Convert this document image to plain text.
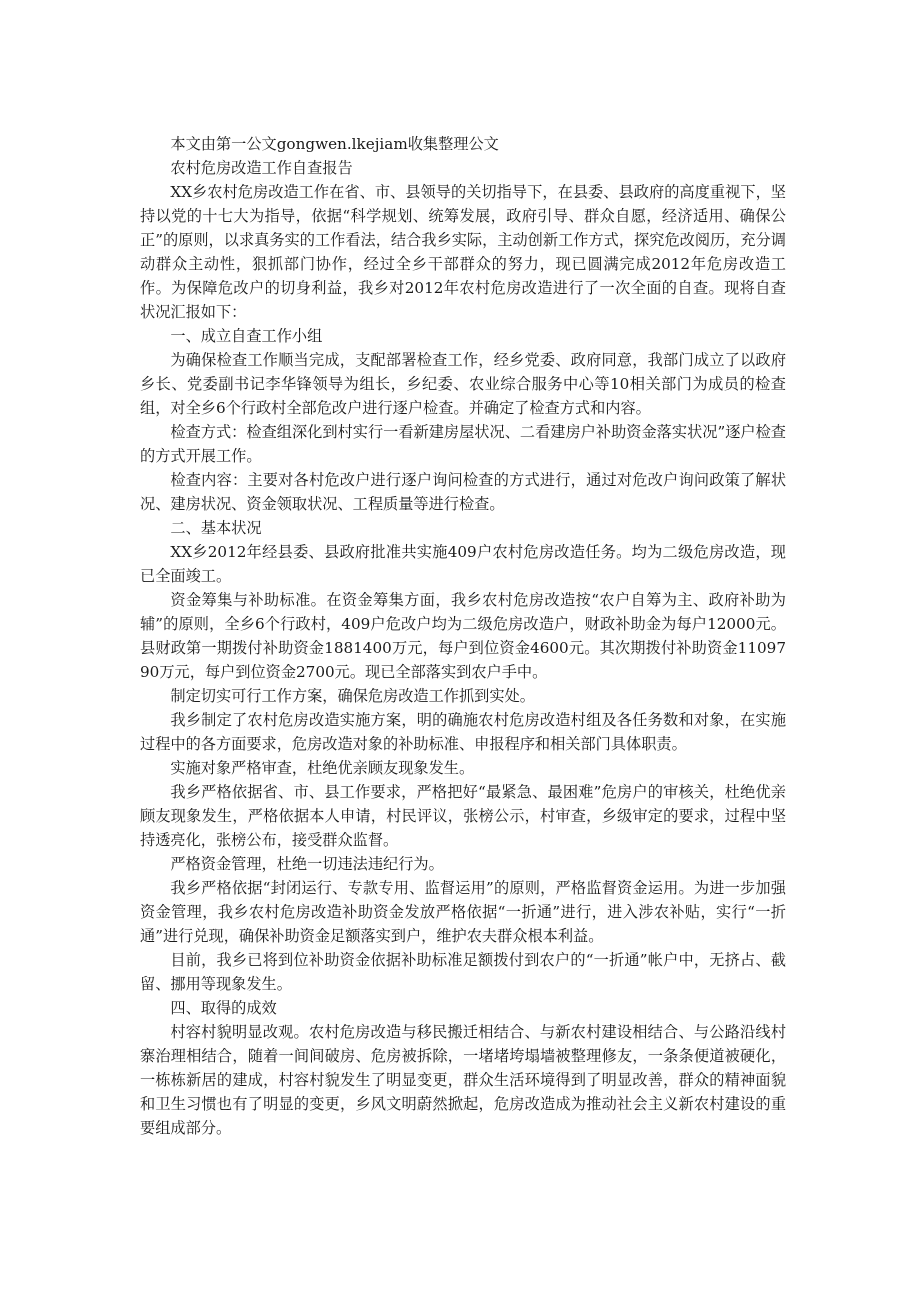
本文由第一公文gongwen.lkejiam收集整理公文

农村危房改造工作自查报告

XX乡农村危房改造工作在省、市、县领导的关切指导下，在县委、县政府的高度重视下，坚持以党的十七大为指导，依据“科学规划、统筹发展，政府引导、群众自愿，经济适用、确保公正”的原则，以求真务实的工作看法，结合我乡实际，主动创新工作方式，探究危改阅历，充分调动群众主动性，狠抓部门协作，经过全乡干部群众的努力，现已圆满完成2012年危房改造工作。为保障危改户的切身利益，我乡对2012年农村危房改造进行了一次全面的自查。现将自查状况汇报如下：

一、成立自查工作小组

为确保检查工作顺当完成，支配部署检查工作，经乡党委、政府同意，我部门成立了以政府乡长、党委副书记李华锋领导为组长，乡纪委、农业综合服务中心等10相关部门为成员的检查组，对全乡6个行政村全部危改户进行逐户检查。并确定了检查方式和内容。

检查方式：检查组深化到村实行一看新建房屋状况、二看建房户补助资金落实状况”逐户检查的方式开展工作。

检查内容：主要对各村危改户进行逐户询问检查的方式进行，通过对危改户询问政策了解状况、建房状况、资金领取状况、工程质量等进行检查。

二、基本状况

XX乡2012年经县委、县政府批准共实施409户农村危房改造任务。均为二级危房改造，现已全面竣工。

资金筹集与补助标准。在资金筹集方面，我乡农村危房改造按“农户自筹为主、政府补助为辅”的原则，全乡6个行政村，409户危改户均为二级危房改造户，财政补助金为每户12000元。县财政第一期拨付补助资金1881400万元，每户到位资金4600元。其次期拨付补助资金1109790万元，每户到位资金2700元。现已全部落实到农户手中。

制定切实可行工作方案，确保危房改造工作抓到实处。

我乡制定了农村危房改造实施方案，明的确施农村危房改造村组及各任务数和对象，在实施过程中的各方面要求，危房改造对象的补助标准、申报程序和相关部门具体职责。

实施对象严格审查，杜绝优亲顾友现象发生。

我乡严格依据省、市、县工作要求，严格把好“最紧急、最困难”危房户的审核关，杜绝优亲顾友现象发生，严格依据本人申请，村民评议，张榜公示，村审查，乡级审定的要求，过程中坚持透亮化，张榜公布，接受群众监督。

严格资金管理，杜绝一切违法违纪行为。

我乡严格依据“封闭运行、专款专用、监督运用”的原则，严格监督资金运用。为进一步加强资金管理，我乡农村危房改造补助资金发放严格依据“一折通”进行，进入涉农补贴，实行“一折通”进行兑现，确保补助资金足额落实到户，维护农夫群众根本利益。

目前，我乡已将到位补助资金依据补助标准足额拨付到农户的“一折通”帐户中，无挤占、截留、挪用等现象发生。

四、取得的成效

村容村貌明显改观。农村危房改造与移民搬迁相结合、与新农村建设相结合、与公路沿线村寨治理相结合，随着一间间破房、危房被拆除，一堵堵垮塌墙被整理修友，一条条便道被硬化，一栋栋新居的建成，村容村貌发生了明显变更，群众生活环境得到了明显改善，群众的精神面貌和卫生习惯也有了明显的变更，乡风文明蔚然掀起，危房改造成为推动社会主义新农村建设的重要组成部分。
